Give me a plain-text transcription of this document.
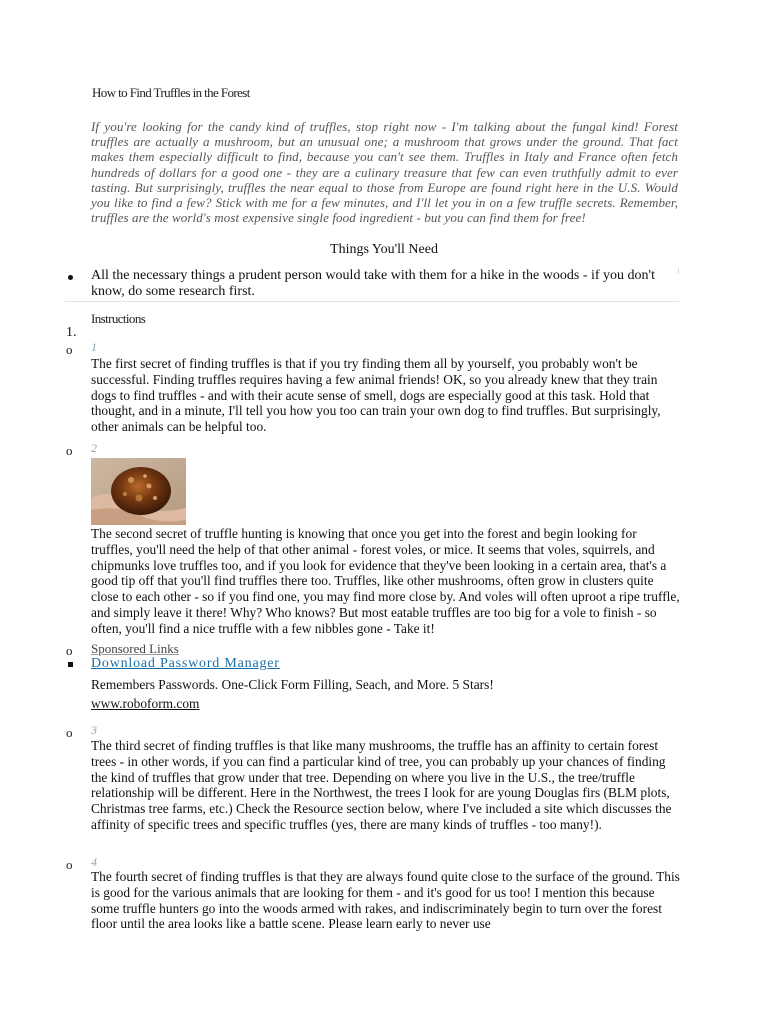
How to Find Truffles in the Forest
If you're looking for the candy kind of truffles, stop right now - I'm talking about the fungal kind! Forest truffles are actually a mushroom, but an unusual one; a mushroom that grows under the ground. That fact makes them especially difficult to find, because you can't see them. Truffles in Italy and France often fetch hundreds of dollars for a good one - they are a culinary treasure that few can even truthfully admit to ever tasting. But surprisingly, truffles the near equal to those from Europe are found right here in the U.S. Would you like to find a few? Stick with me for a few minutes, and I'll let you in on a few truffle secrets. Remember, truffles are the world's most expensive single food ingredient - but you can find them for free!
Things You'll Need
All the necessary things a prudent person would take with them for a hike in the woods - if you don't know, do some research first.
Instructions
1.
o 1
The first secret of finding truffles is that if you try finding them all by yourself, you probably won't be successful. Finding truffles requires having a few animal friends! OK, so you already knew that they train dogs to find truffles - and with their acute sense of smell, dogs are especially good at this task. Hold that thought, and in a minute, I'll tell you how you too can train your own dog to find truffles. But surprisingly, other animals can be helpful too.
o 2
The second secret of truffle hunting is knowing that once you get into the forest and begin looking for truffles, you'll need the help of that other animal - forest voles, or mice. It seems that voles, squirrels, and chipmunks love truffles too, and if you look for evidence that they've been looking in a certain area, that's a good tip off that you'll find truffles there too. Truffles, like other mushrooms, often grow in clusters quite close to each other - so if you find one, you may find more close by. And voles will often uproot a ripe truffle, and simply leave it there! Why? Who knows? But most eatable truffles are too big for a vole to finish - so often, you'll find a nice truffle with a few nibbles gone - Take it!
o Sponsored Links
Download Password Manager
Remembers Passwords. One-Click Form Filling, Seach, and More. 5 Stars!
www.roboform.com
o 3
The third secret of finding truffles is that like many mushrooms, the truffle has an affinity to certain forest trees - in other words, if you can find a particular kind of tree, you can probably up your chances of finding the kind of truffles that grow under that tree. Depending on where you live in the U.S., the tree/truffle relationship will be different. Here in the Northwest, the trees I look for are young Douglas firs (BLM plots, Christmas tree farms, etc.) Check the Resource section below, where I've included a site which discusses the affinity of specific trees and specific truffles (yes, there are many kinds of truffles - too many!).
o 4
The fourth secret of finding truffles is that they are always found quite close to the surface of the ground. This is good for the various animals that are looking for them - and it's good for us too! I mention this because some truffle hunters go into the woods armed with rakes, and indiscriminately begin to turn over the forest floor until the area looks like a battle scene. Please learn early to never use
